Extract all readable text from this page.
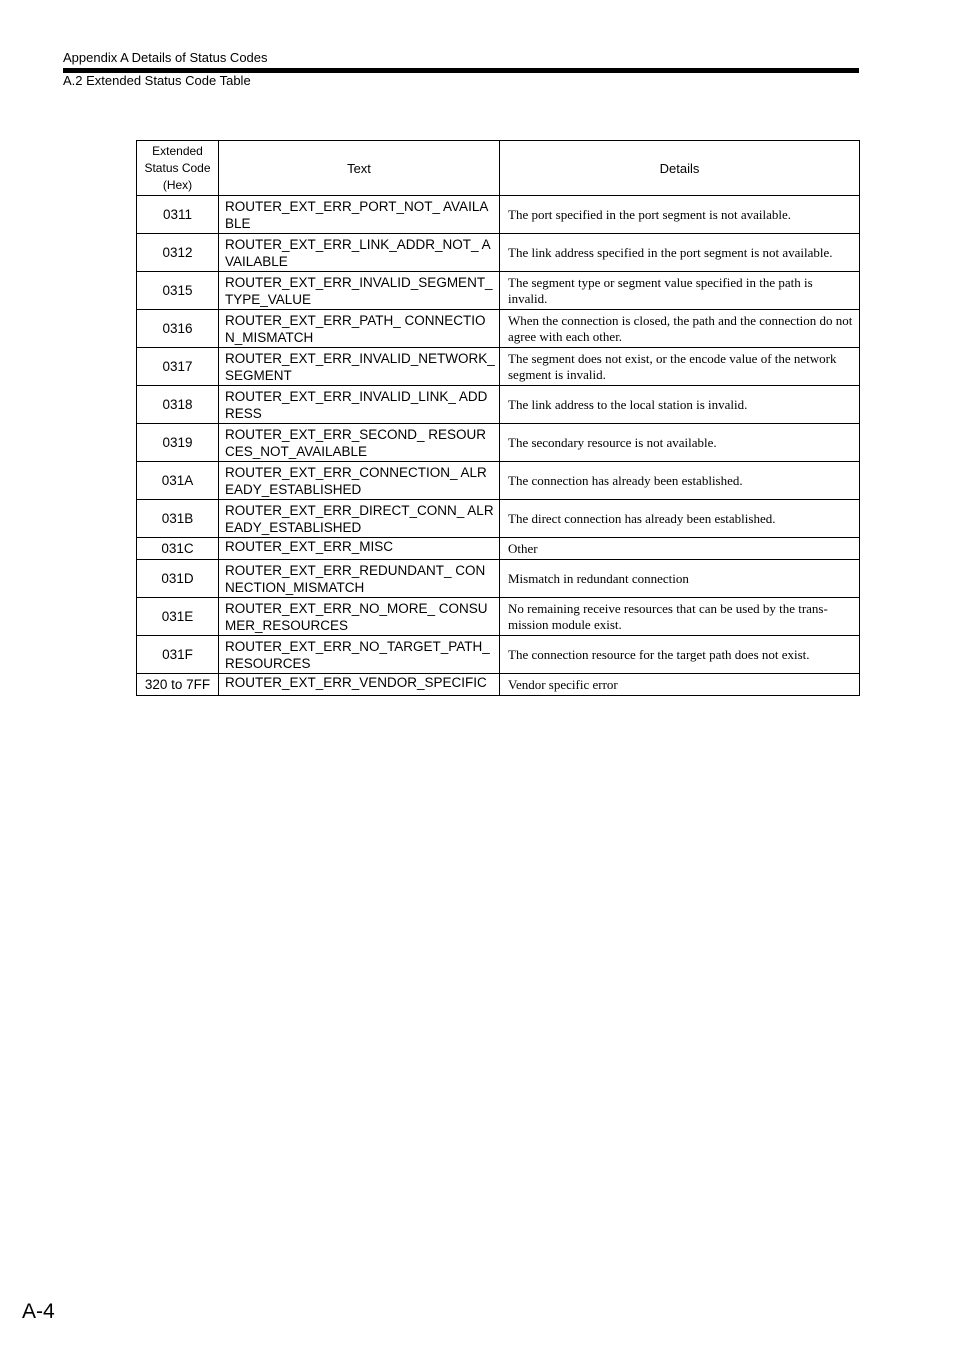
Appendix A Details of Status Codes
A.2 Extended Status Code Table
Extended
Status Code
(Hex)	Text	Details
0311	ROUTER_EXT_ERR_PORT_NOT_ AVAILABLE	The port specified in the port segment is not available.
0312	ROUTER_EXT_ERR_LINK_ADDR_NOT_ AVAILABLE	The link address specified in the port segment is not available.
0315	ROUTER_EXT_ERR_INVALID_SEGMENT_ TYPE_VALUE	The segment type or segment value specified in the path is invalid.
0316	ROUTER_EXT_ERR_PATH_ CONNECTION_MISMATCH	When the connection is closed, the path and the connection do not agree with each other.
0317	ROUTER_EXT_ERR_INVALID_NETWORK_ SEGMENT	The segment does not exist, or the encode value of the network segment is invalid.
0318	ROUTER_EXT_ERR_INVALID_LINK_ ADDRESS	The link address to the local station is invalid.
0319	ROUTER_EXT_ERR_SECOND_ RESOURCES_NOT_AVAILABLE	The secondary resource is not available.
031A	ROUTER_EXT_ERR_CONNECTION_ ALREADY_ESTABLISHED	The connection has already been established.
031B	ROUTER_EXT_ERR_DIRECT_CONN_ ALREADY_ESTABLISHED	The direct connection has already been established.
031C	ROUTER_EXT_ERR_MISC	Other
031D	ROUTER_EXT_ERR_REDUNDANT_ CONNECTION_MISMATCH	Mismatch in redundant connection
031E	ROUTER_EXT_ERR_NO_MORE_ CONSUMER_RESOURCES	No remaining receive resources that can be used by the trans- mission module exist.
031F	ROUTER_EXT_ERR_NO_TARGET_PATH_ RESOURCES	The connection resource for the target path does not exist.
320 to 7FF	ROUTER_EXT_ERR_VENDOR_SPECIFIC	Vendor specific error
A-4
